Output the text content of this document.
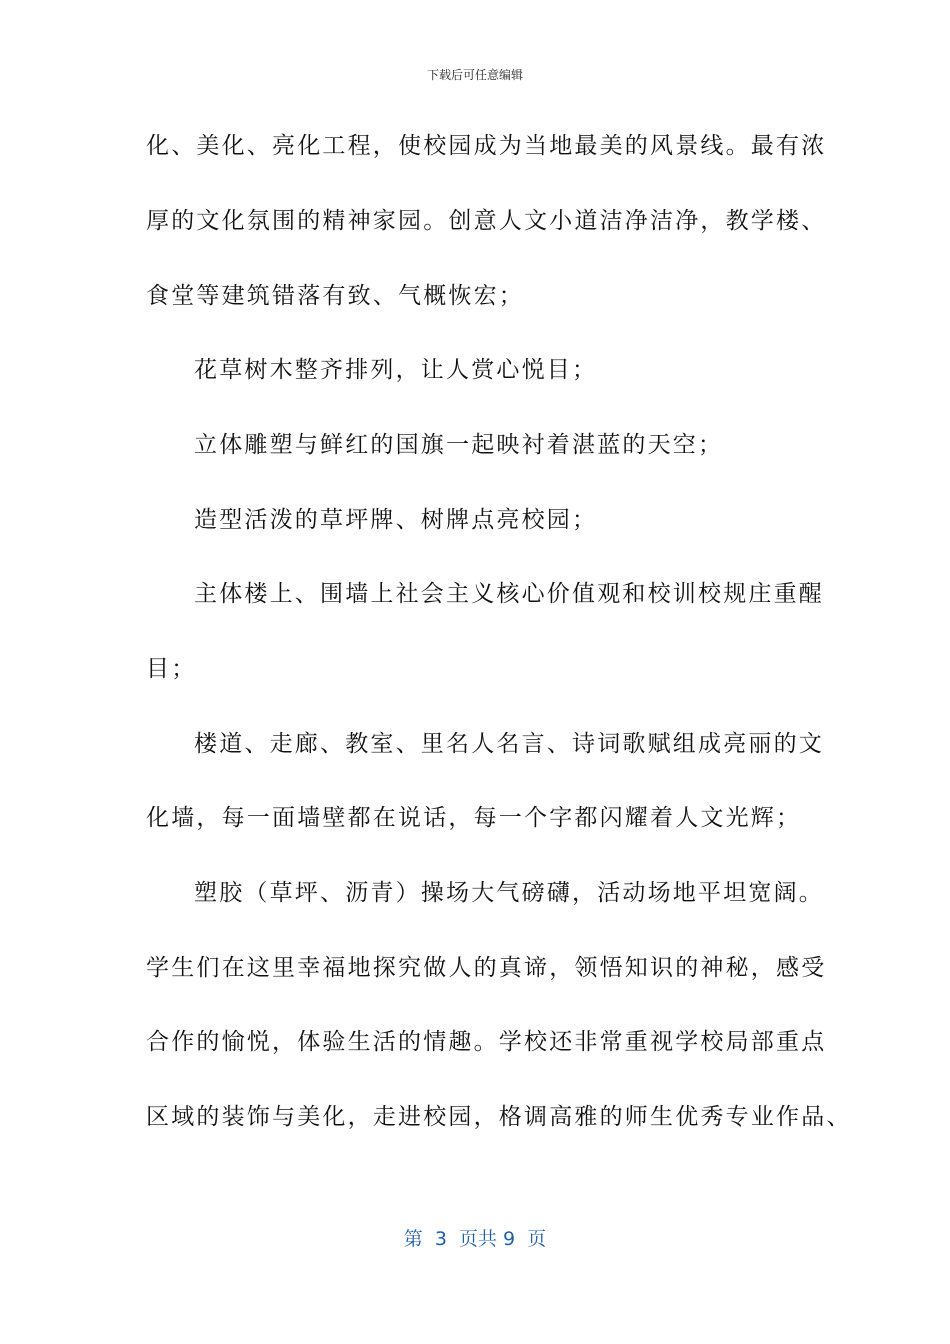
下载后可任意编辑
化、美化、亮化工程，使校园成为当地最美的风景线。最有浓
厚的文化氛围的精神家园。创意人文小道洁净洁净，教学楼、
食堂等建筑错落有致、气概恢宏；
花草树木整齐排列，让人赏心悦目；
立体雕塑与鲜红的国旗一起映衬着湛蓝的天空；
造型活泼的草坪牌、树牌点亮校园；
主体楼上、围墙上社会主义核心价值观和校训校规庄重醒
目；
楼道、走廊、教室、里名人名言、诗词歌赋组成亮丽的文
化墙，每一面墙壁都在说话，每一个字都闪耀着人文光辉；
塑胶（草坪、沥青）操场大气磅礴，活动场地平坦宽阔。
学生们在这里幸福地探究做人的真谛，领悟知识的神秘，感受
合作的愉悦，体验生活的情趣。学校还非常重视学校局部重点
区域的装饰与美化，走进校园，格调高雅的师生优秀专业作品、
第  3  页共 9  页
